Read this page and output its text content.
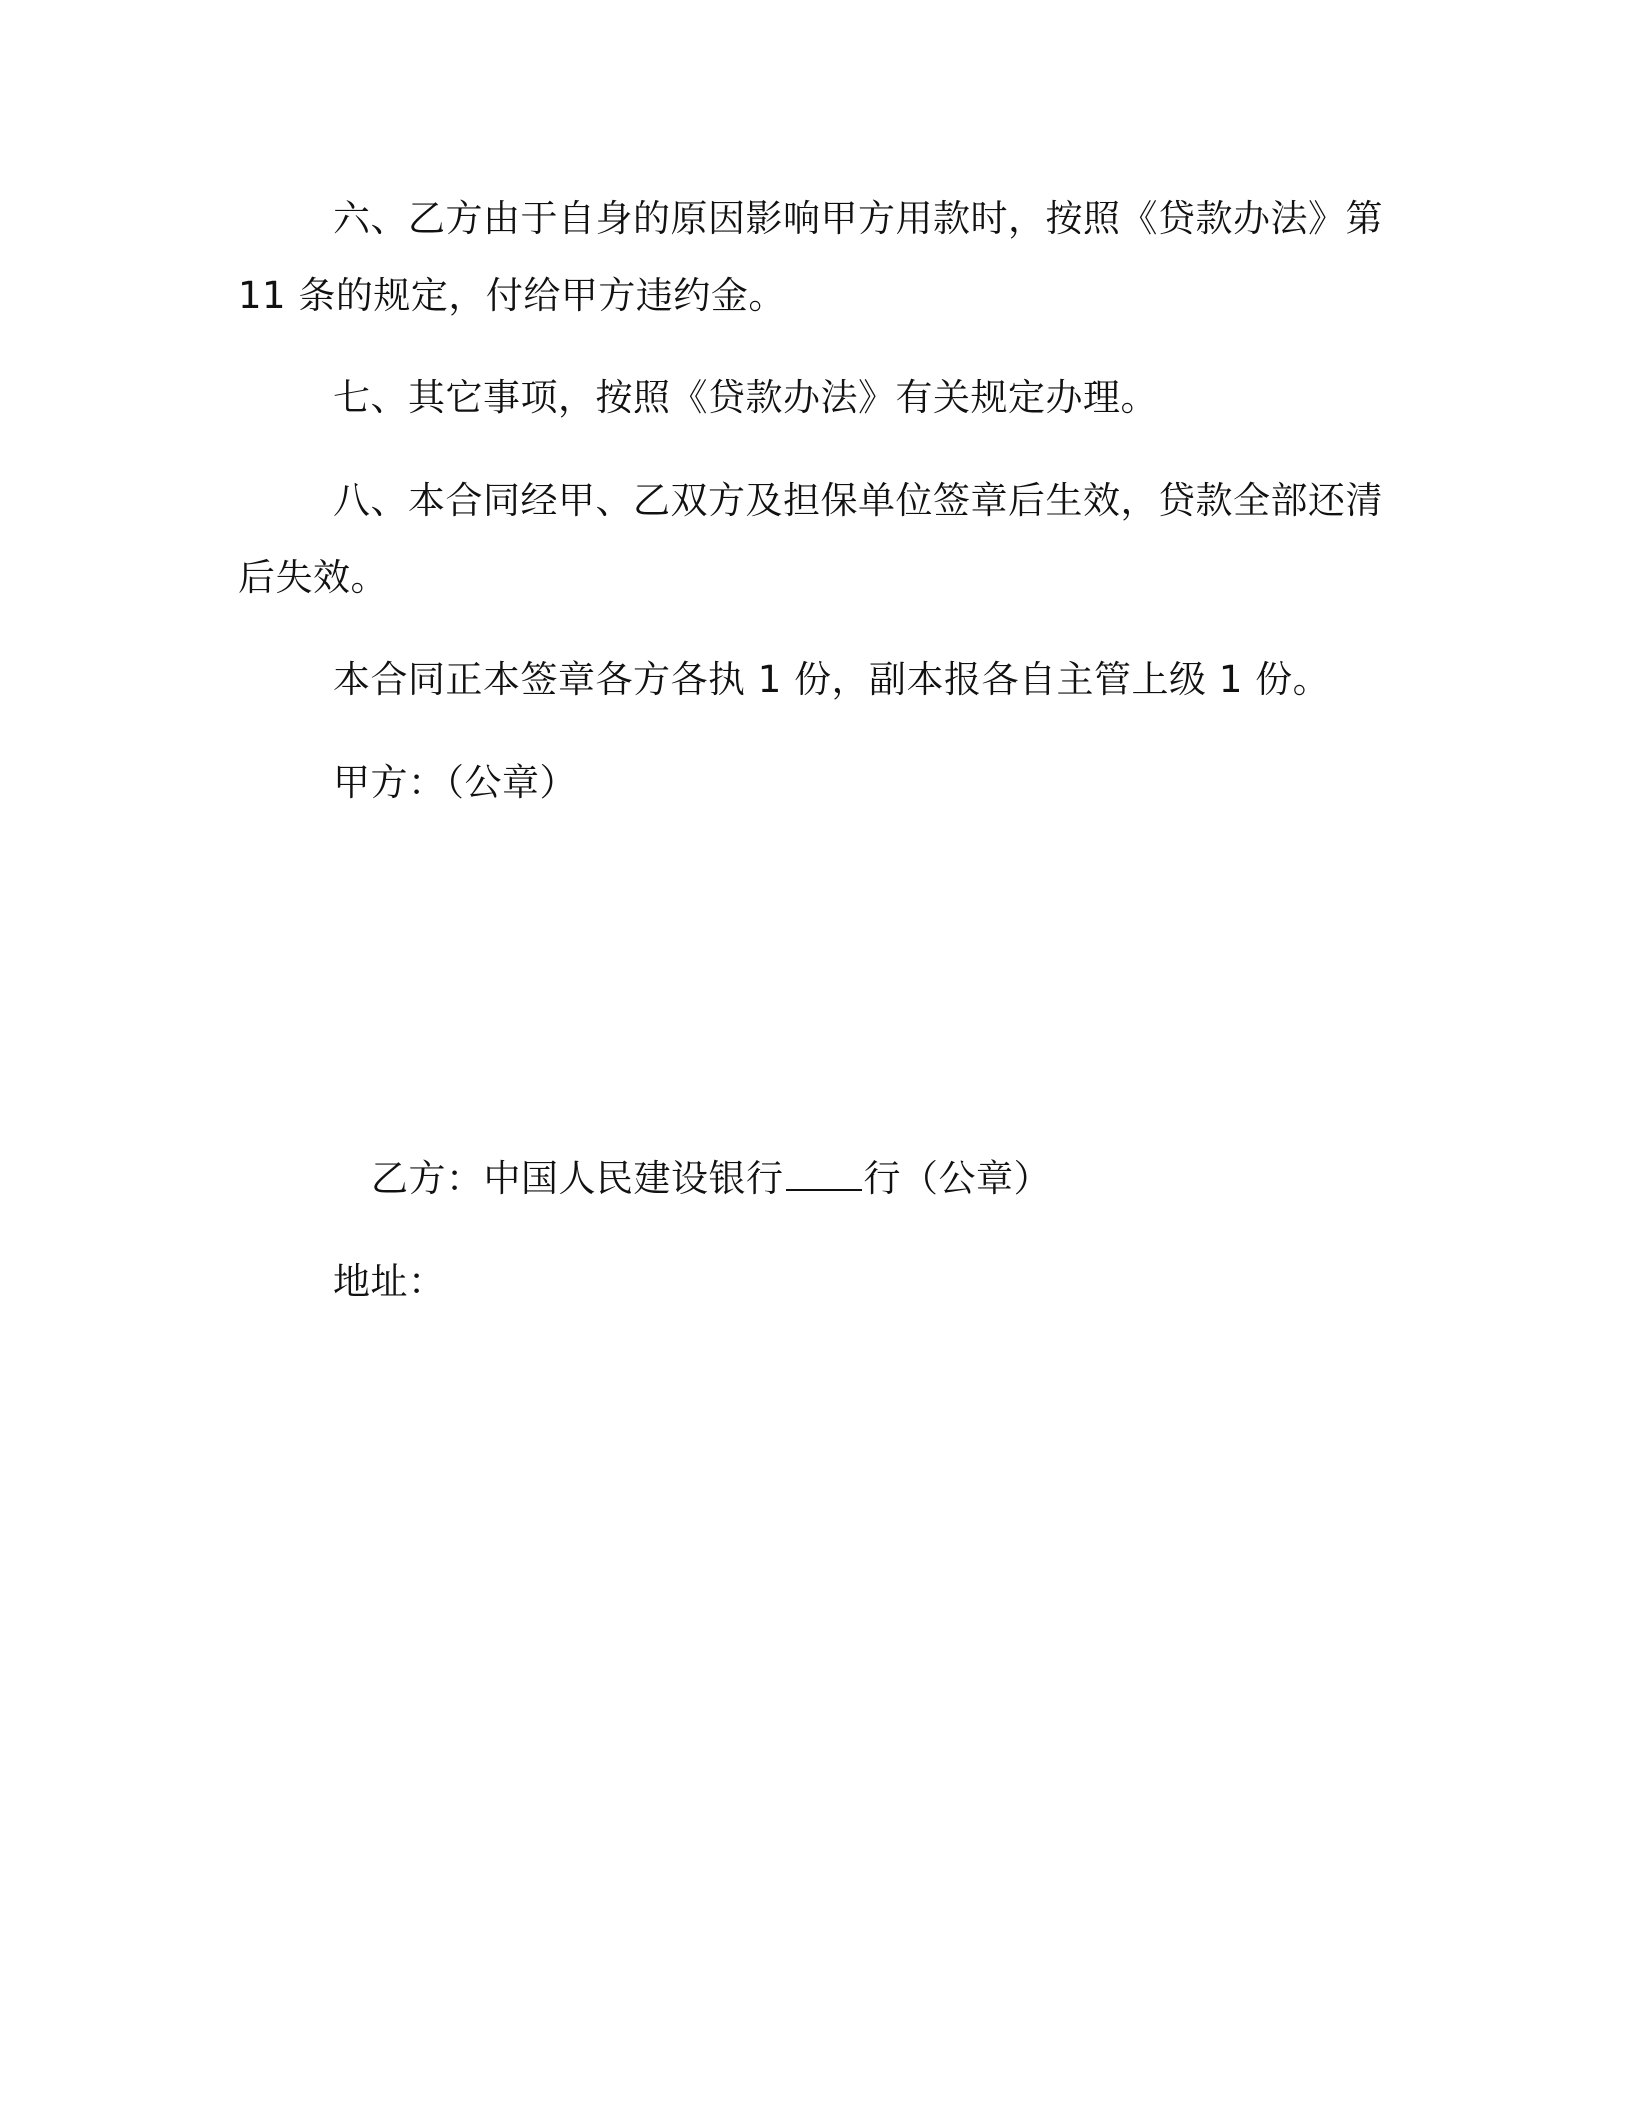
六、乙方由于自身的原因影响甲方用款时，按照《贷款办法》第
11 条的规定，付给甲方违约金。
七、其它事项，按照《贷款办法》有关规定办理。
八、本合同经甲、乙双方及担保单位签章后生效，贷款全部还清
后失效。
本合同正本签章各方各执 1 份，副本报各自主管上级 1 份。
甲方：（公章）
乙方：中国人民建设银行 行（公章）
地址：
